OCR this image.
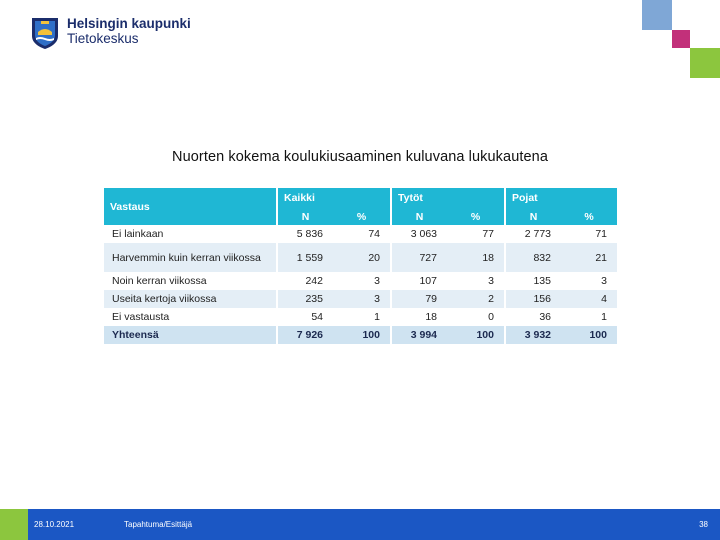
Helsingin kaupunki
Tietokeskus
Nuorten kokema koulukiusaaminen kuluvana lukukautena
Vastaus	Kaikki		Tytöt		Pojat	
	N	%	N	%	N	%
Ei lainkaan	5 836	74	3 063	77	2 773	71
Harvemmin kuin kerran viikossa	1 559	20	727	18	832	21
Noin kerran viikossa	242	3	107	3	135	3
Useita kertoja viikossa	235	3	79	2	156	4
Ei vastausta	54	1	18	0	36	1
Yhteensä	7 926	100	3 994	100	3 932	100
28.10.2021	Tapahtuma/Esittäjä	38
